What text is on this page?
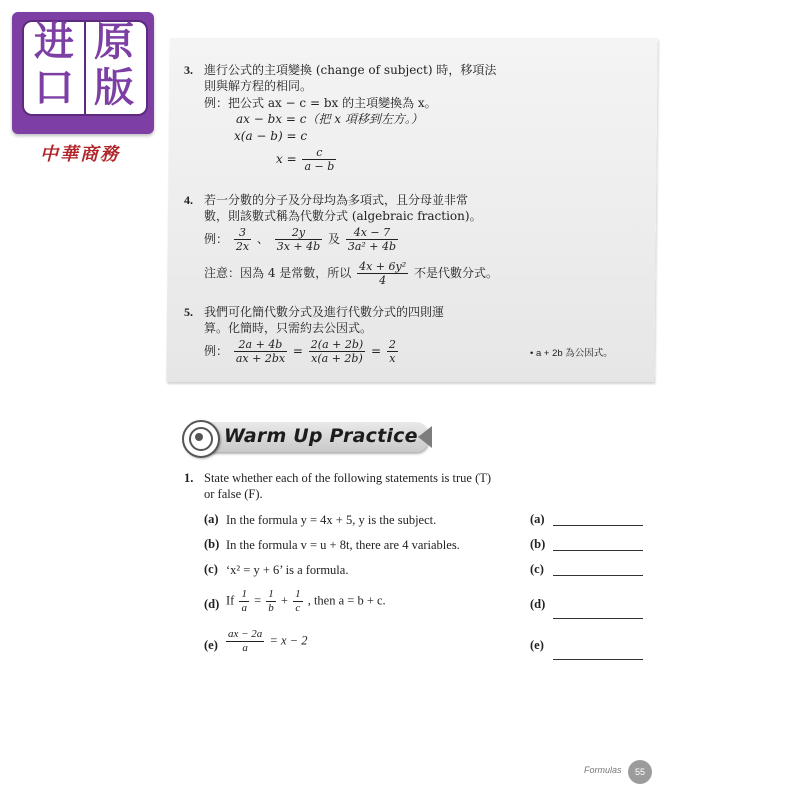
进 原
口 版
中華商務
3. 進行公式的主項變換 (change of subject) 時，移項法
則與解方程的相同。
例：把公式 ax − c = bx 的主項變換為 x。
ax − bx = c（把 x 項移到左方。）
x(a − b) = c
$x = \frac{c}{a - b}$
4. 若一分數的分子及分母均為多項式，且分母並非常
數，則該數式稱為代數分式 (algebraic fraction)。
例： $\frac{3}{2x}$ 、 $\frac{2y}{3x + 4b}$ 及 $\frac{4x - 7}{\text{3a² + 4b}}$
注意：因為 4 是常數，所以 $\frac{\text{4x + 6y²}}{4}$ 不是代數分式。
5. 我們可化簡代數分式及進行代數分式的四則運
算。化簡時，只需約去公因式。
例： $\frac{2a + 4b}{ax + 2bx} = \frac{2(a + 2b)}{x(a + 2b)} = \frac{2}{x}$	• a + 2b 為公因式。
Warm Up Practice
1. State whether each of the following statements is true (T)
or false (F).
(a) In the formula y = 4x + 5, y is the subject.	(a)
(b) In the formula v = u + 8t, there are 4 variables.	(b)
(c) ‘x² = y + 6’ is a formula.	(c)
(d) If $\frac{1}{a} = \frac{1}{b} + \frac{1}{c}$ , then a = b + c.	(d)
$(e) \frac{ax - 2a}{a} = x - 2$	(e)
Formulas	55
